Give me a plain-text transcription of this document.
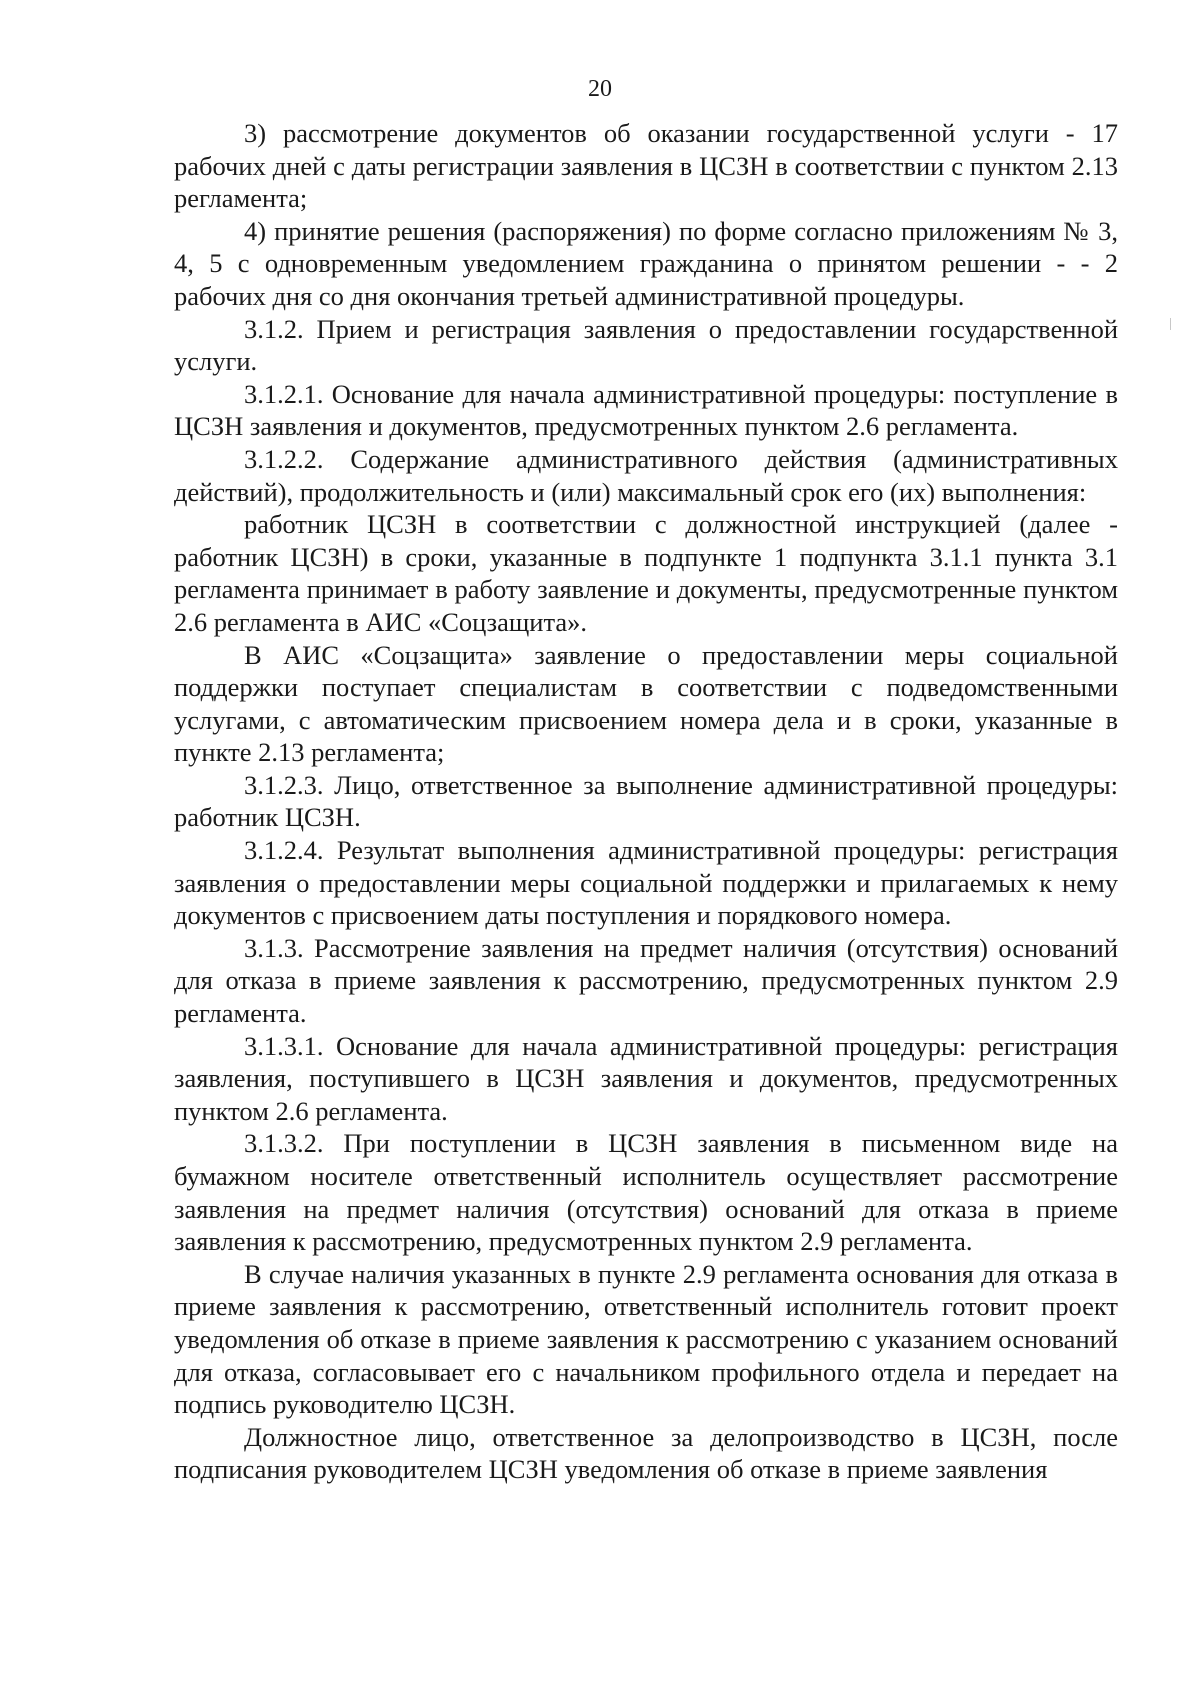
20

3) рассмотрение документов об оказании государственной услуги - 17 рабочих дней с даты регистрации заявления в ЦСЗН в соответствии с пунктом 2.13 регламента;

4) принятие решения (распоряжения) по форме согласно приложениям № 3, 4, 5 с одновременным уведомлением гражданина о принятом решении - - 2 рабочих дня со дня окончания третьей административной процедуры.

3.1.2. Прием и регистрация заявления о предоставлении государственной услуги.

3.1.2.1. Основание для начала административной процедуры: поступление в ЦСЗН заявления и документов, предусмотренных пунктом 2.6 регламента.

3.1.2.2. Содержание административного действия (административных действий), продолжительность и (или) максимальный срок его (их) выполнения:

работник ЦСЗН в соответствии с должностной инструкцией (далее - работник ЦСЗН) в сроки, указанные в подпункте 1 подпункта 3.1.1 пункта 3.1 регламента принимает в работу заявление и документы, предусмотренные пунктом 2.6 регламента в АИС «Соцзащита».

В АИС «Соцзащита» заявление о предоставлении меры социальной поддержки поступает специалистам в соответствии с подведомственными услугами, с автоматическим присвоением номера дела и в сроки, указанные в пункте 2.13 регламента;

3.1.2.3. Лицо, ответственное за выполнение административной процедуры: работник ЦСЗН.

3.1.2.4. Результат выполнения административной процедуры: регистрация заявления о предоставлении меры социальной поддержки и прилагаемых к нему документов с присвоением даты поступления и порядкового номера.

3.1.3. Рассмотрение заявления на предмет наличия (отсутствия) оснований для отказа в приеме заявления к рассмотрению, предусмотренных пунктом 2.9 регламента.

3.1.3.1. Основание для начала административной процедуры: регистрация заявления, поступившего в ЦСЗН заявления и документов, предусмотренных пунктом 2.6 регламента.

3.1.3.2. При поступлении в ЦСЗН заявления в письменном виде на бумажном носителе ответственный исполнитель осуществляет рассмотрение заявления на предмет наличия (отсутствия) оснований для отказа в приеме заявления к рассмотрению, предусмотренных пунктом 2.9 регламента.

В случае наличия указанных в пункте 2.9 регламента основания для отказа в приеме заявления к рассмотрению, ответственный исполнитель готовит проект уведомления об отказе в приеме заявления к рассмотрению с указанием оснований для отказа, согласовывает его с начальником профильного отдела и передает на подпись руководителю ЦСЗН.

Должностное лицо, ответственное за делопроизводство в ЦСЗН, после подписания руководителем ЦСЗН уведомления об отказе в приеме заявления
